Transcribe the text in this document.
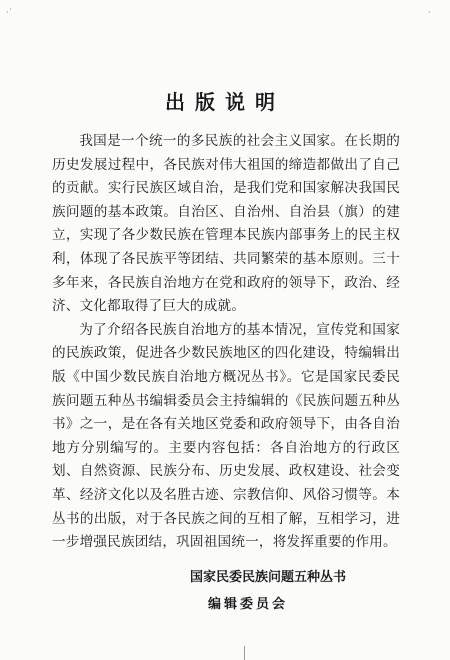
·˙	·
出版说明

我国是一个统一的多民族的社会主义国家。在长期的历史发展过程中，各民族对伟大祖国的缔造都做出了自己的贡献。实行民族区域自治，是我们党和国家解决我国民族问题的基本政策。自治区、自治州、自治县（旗）的建立，实现了各少数民族在管理本民族内部事务上的民主权利，体现了各民族平等团结、共同繁荣的基本原则。三十多年来，各民族自治地方在党和政府的领导下，政治、经济、文化都取得了巨大的成就。

为了介绍各民族自治地方的基本情况，宣传党和国家的民族政策，促进各少数民族地区的四化建设，特编辑出版《中国少数民族自治地方概况丛书》。它是国家民委民族问题五种丛书编辑委员会主持编辑的《民族问题五种丛书》之一，是在各有关地区党委和政府领导下，由各自治地方分别编写的。主要内容包括：各自治地方的行政区划、自然资源、民族分布、历史发展、政权建设、社会变革、经济文化以及名胜古迹、宗教信仰、风俗习惯等。本丛书的出版，对于各民族之间的互相了解，互相学习，进一步增强民族团结，巩固祖国统一，将发挥重要的作用。

国家民委民族问题五种丛书
编辑委员会
